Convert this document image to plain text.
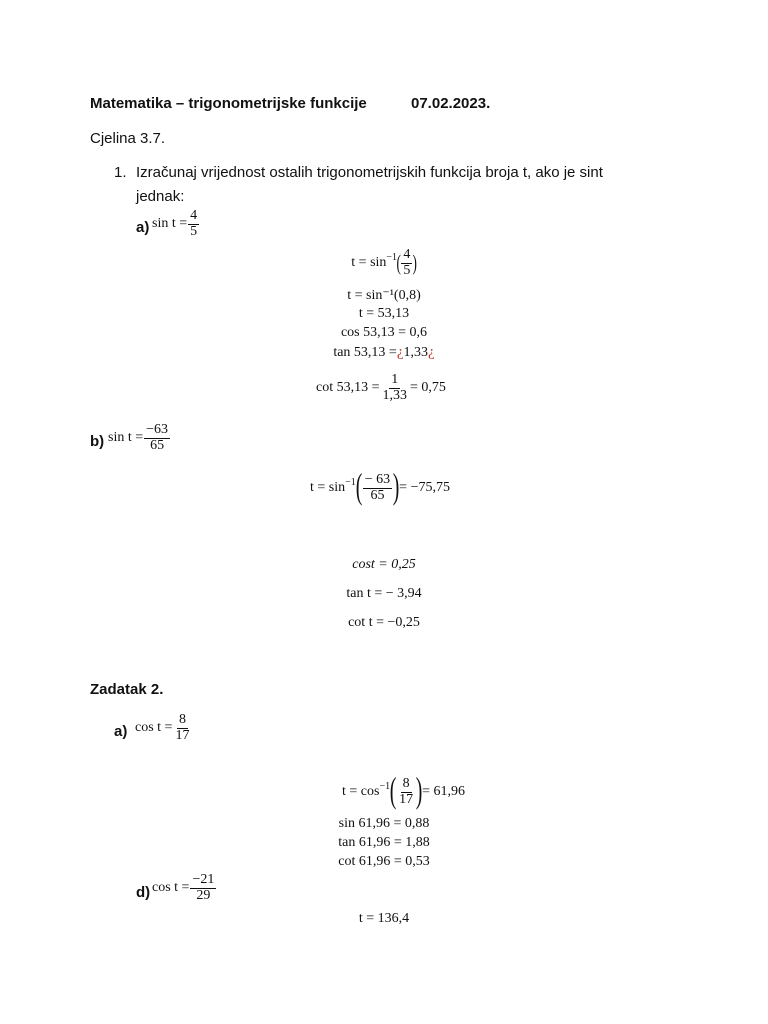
Matematika – trigonometrijske funkcije	07.02.2023.
Cjelina 3.7.
1. Izračunaj vrijednost ostalih trigonometrijskih funkcija broja t, ako je sint
jednak:
a) $\sin t = \frac{4}{5}$
t = sin −1 ( $\frac{4}{5}$ )
t = sin⁻¹(0,8)
t = 53,13
cos 53,13 = 0,6
tan 53,13 = ¿ 1,33 ¿
$\cot 53,13 = \frac{1}{1,33} = 0,75$
b) $\sin t = \frac{-63}{65}$
t = sin −1 ( $\frac{- 63}{65}$ ) = −75,75
cost = 0,25
tan t = − 3,94
cot t = −0,25
Zadatak 2.
a) $\cos t = \frac{8}{17}$
t = cos −1 ( $\frac{8}{17}$ ) = 61,96
sin 61,96 = 0,88
tan 61,96 = 1,88
cot 61,96 = 0,53
d) $\cos t = \frac{-21}{29}$
t = 136,4
